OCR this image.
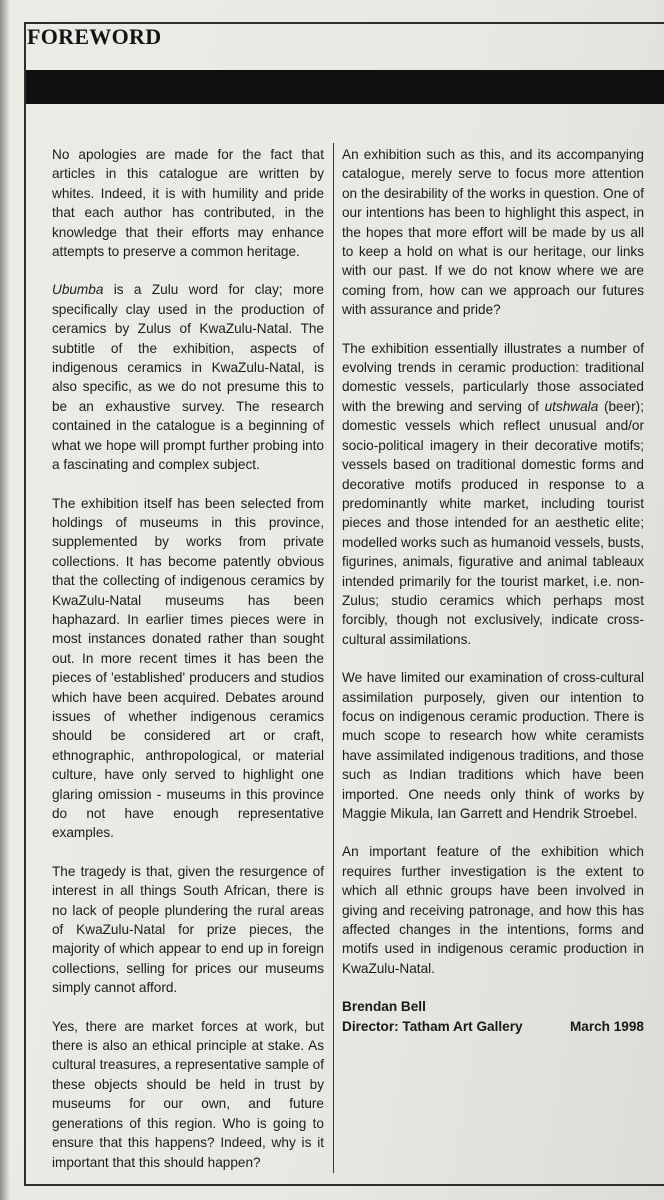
FOREWORD

No apologies are made for the fact that articles in this catalogue are written by whites. Indeed, it is with humility and pride that each author has contributed, in the knowledge that their efforts may enhance attempts to preserve a common heritage.

Ubumba is a Zulu word for clay; more specifically clay used in the production of ceramics by Zulus of KwaZulu-Natal. The subtitle of the exhibition, aspects of indigenous ceramics in KwaZulu-Natal, is also specific, as we do not presume this to be an exhaustive survey. The research contained in the catalogue is a beginning of what we hope will prompt further probing into a fascinating and complex subject.

The exhibition itself has been selected from holdings of museums in this province, supplemented by works from private collections. It has become patently obvious that the collecting of indigenous ceramics by KwaZulu-Natal museums has been haphazard. In earlier times pieces were in most instances donated rather than sought out. In more recent times it has been the pieces of 'established' producers and studios which have been acquired. Debates around issues of whether indigenous ceramics should be considered art or craft, ethnographic, anthropological, or material culture, have only served to highlight one glaring omission - museums in this province do not have enough representative examples.

The tragedy is that, given the resurgence of interest in all things South African, there is no lack of people plundering the rural areas of KwaZulu-Natal for prize pieces, the majority of which appear to end up in foreign collections, selling for prices our museums simply cannot afford.

Yes, there are market forces at work, but there is also an ethical principle at stake. As cultural treasures, a representative sample of these objects should be held in trust by museums for our own, and future generations of this region. Who is going to ensure that this happens? Indeed, why is it important that this should happen?

An exhibition such as this, and its accompanying catalogue, merely serve to focus more attention on the desirability of the works in question. One of our intentions has been to highlight this aspect, in the hopes that more effort will be made by us all to keep a hold on what is our heritage, our links with our past. If we do not know where we are coming from, how can we approach our futures with assurance and pride?

The exhibition essentially illustrates a number of evolving trends in ceramic production: traditional domestic vessels, particularly those associated with the brewing and serving of utshwala (beer); domestic vessels which reflect unusual and/or socio-political imagery in their decorative motifs; vessels based on traditional domestic forms and decorative motifs produced in response to a predominantly white market, including tourist pieces and those intended for an aesthetic elite; modelled works such as humanoid vessels, busts, figurines, animals, figurative and animal tableaux intended primarily for the tourist market, i.e. non-Zulus; studio ceramics which perhaps most forcibly, though not exclusively, indicate cross-cultural assimilations.

We have limited our examination of cross-cultural assimilation purposely, given our intention to focus on indigenous ceramic production. There is much scope to research how white ceramists have assimilated indigenous traditions, and those such as Indian traditions which have been imported. One needs only think of works by Maggie Mikula, Ian Garrett and Hendrik Stroebel.

An important feature of the exhibition which requires further investigation is the extent to which all ethnic groups have been involved in giving and receiving patronage, and how this has affected changes in the intentions, forms and motifs used in indigenous ceramic production in KwaZulu-Natal.

Brendan Bell
Director: Tatham Art Gallery	March 1998
